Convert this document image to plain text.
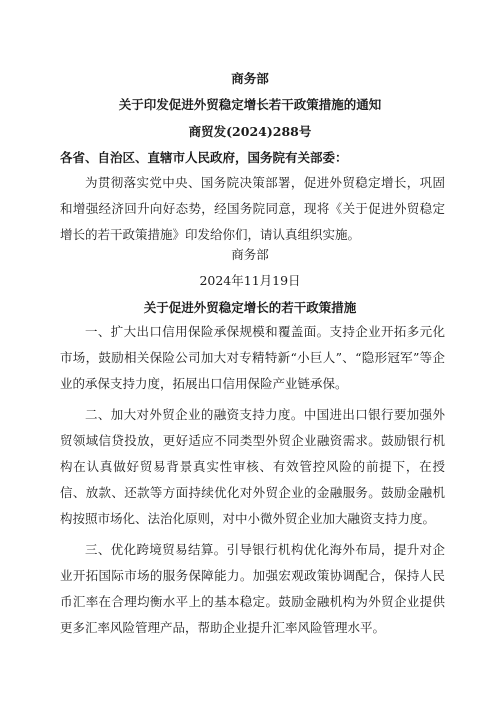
商务部
关于印发促进外贸稳定增长若干政策措施的通知
商贸发(2024)288号
各省、自治区、直辖市人民政府，国务院有关部委：
为贯彻落实党中央、国务院决策部署，促进外贸稳定增长，巩固和增强经济回升向好态势，经国务院同意，现将《关于促进外贸稳定增长的若干政策措施》印发给你们，请认真组织实施。
商务部
2024年11月19日
关于促进外贸稳定增长的若干政策措施
一、扩大出口信用保险承保规模和覆盖面。支持企业开拓多元化市场，鼓励相关保险公司加大对专精特新“小巨人”、“隐形冠军”等企业的承保支持力度，拓展出口信用保险产业链承保。
二、加大对外贸企业的融资支持力度。中国进出口银行要加强外贸领域信贷投放，更好适应不同类型外贸企业融资需求。鼓励银行机构在认真做好贸易背景真实性审核、有效管控风险的前提下，在授信、放款、还款等方面持续优化对外贸企业的金融服务。鼓励金融机构按照市场化、法治化原则，对中小微外贸企业加大融资支持力度。
三、优化跨境贸易结算。引导银行机构优化海外布局，提升对企业开拓国际市场的服务保障能力。加强宏观政策协调配合，保持人民币汇率在合理均衡水平上的基本稳定。鼓励金融机构为外贸企业提供更多汇率风险管理产品，帮助企业提升汇率风险管理水平。
